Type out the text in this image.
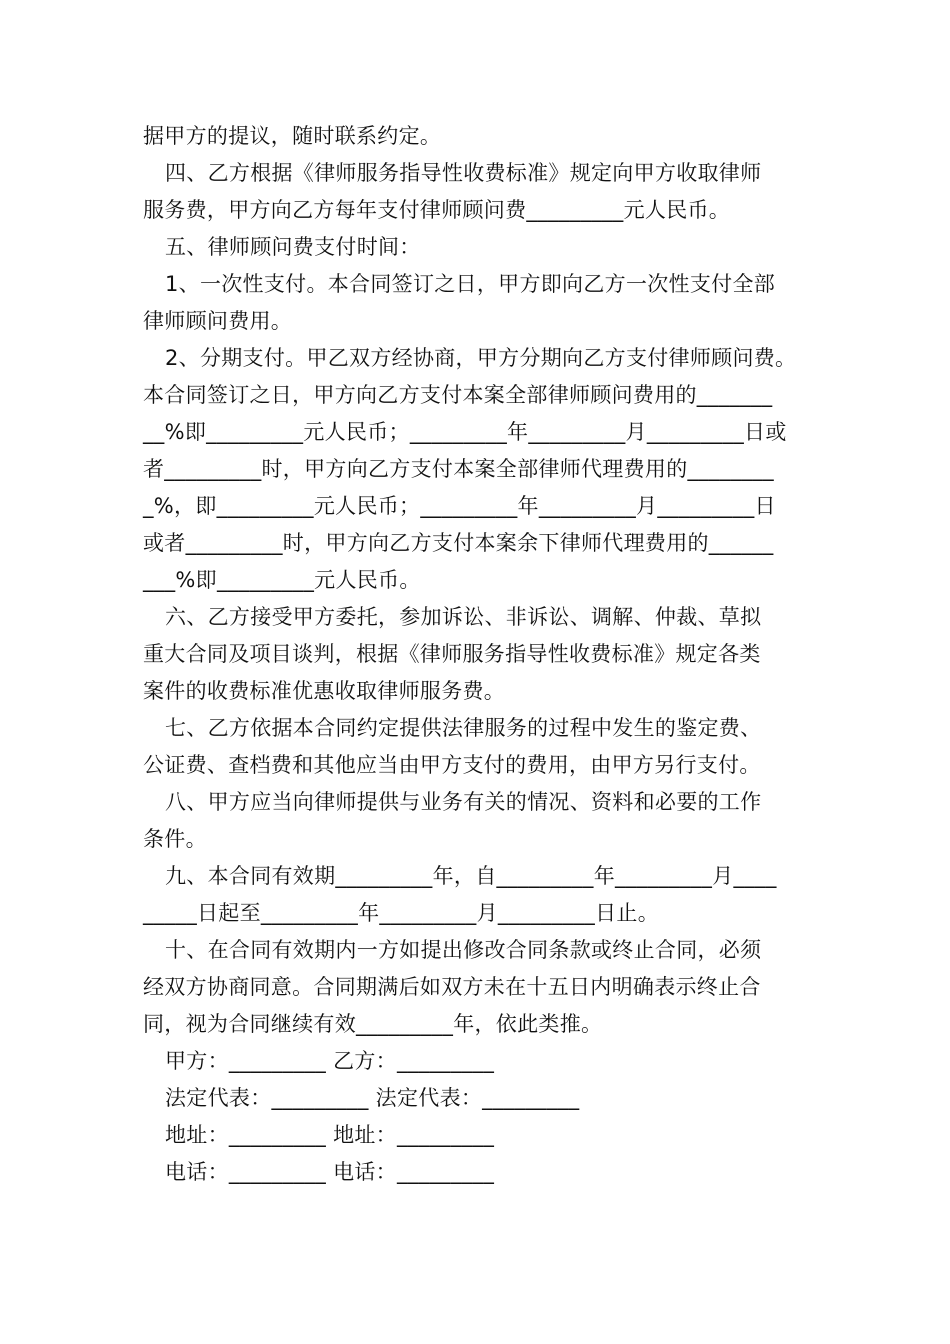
据甲方的提议，随时联系约定。
四、乙方根据《律师服务指导性收费标准》规定向甲方收取律师
服务费，甲方向乙方每年支付律师顾问费_________元人民币。
五、律师顾问费支付时间：
1、一次性支付。本合同签订之日，甲方即向乙方一次性支付全部
律师顾问费用。
2、分期支付。甲乙双方经协商，甲方分期向乙方支付律师顾问费。
本合同签订之日，甲方向乙方支付本案全部律师顾问费用的_______
__%即_________元人民币；_________年_________月_________日或
者_________时，甲方向乙方支付本案全部律师代理费用的________
_%，即_________元人民币；_________年_________月_________日
或者_________时，甲方向乙方支付本案余下律师代理费用的______
___%即_________元人民币。
六、乙方接受甲方委托，参加诉讼、非诉讼、调解、仲裁、草拟
重大合同及项目谈判，根据《律师服务指导性收费标准》规定各类
案件的收费标准优惠收取律师服务费。
七、乙方依据本合同约定提供法律服务的过程中发生的鉴定费、
公证费、查档费和其他应当由甲方支付的费用，由甲方另行支付。
八、甲方应当向律师提供与业务有关的情况、资料和必要的工作
条件。
九、本合同有效期_________年，自_________年_________月____
_____日起至_________年_________月_________日止。
十、在合同有效期内一方如提出修改合同条款或终止合同，必须
经双方协商同意。合同期满后如双方未在十五日内明确表示终止合
同，视为合同继续有效_________年，依此类推。
甲方：_________ 乙方：_________
法定代表：_________ 法定代表：_________
地址：_________ 地址：_________
电话：_________ 电话：_________
